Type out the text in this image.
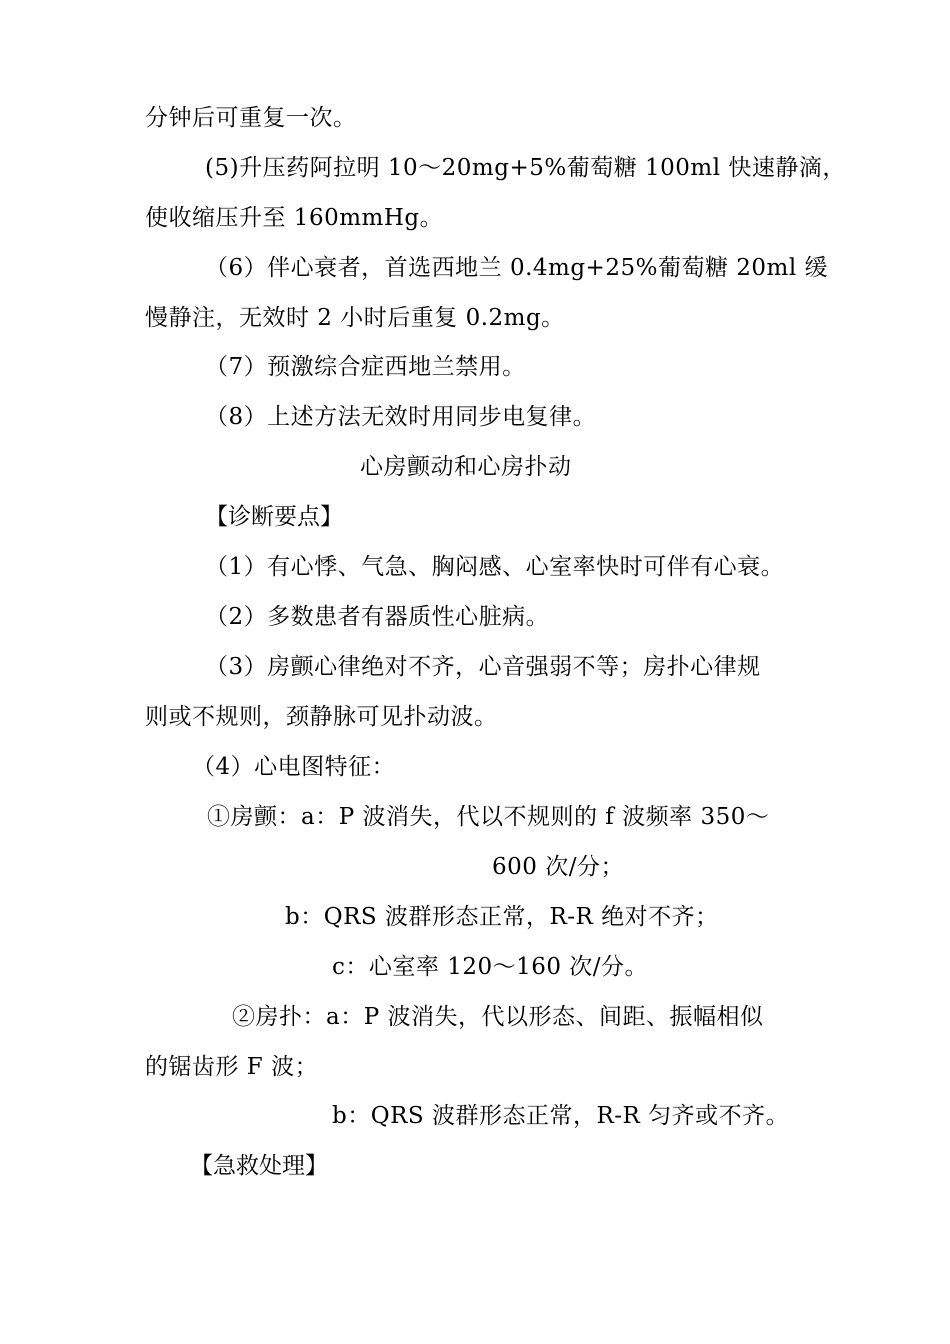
分钟后可重复一次。
(5)升压药阿拉明 10～20mg+5%葡萄糖 100ml 快速静滴，
使收缩压升至 160mmHg。
（6）伴心衰者，首选西地兰 0.4mg+25%葡萄糖 20ml 缓
慢静注，无效时 2 小时后重复 0.2mg。
（7）预激综合症西地兰禁用。
（8）上述方法无效时用同步电复律。
心房颤动和心房扑动
【诊断要点】
（1）有心悸、气急、胸闷感、心室率快时可伴有心衰。
（2）多数患者有器质性心脏病。
（3）房颤心律绝对不齐，心音强弱不等；房扑心律规
则或不规则，颈静脉可见扑动波。
（4）心电图特征：
①房颤：a：P 波消失，代以不规则的 f 波频率 350～
600 次/分；
b：QRS 波群形态正常，R-R 绝对不齐；
c：心室率 120～160 次/分。
②房扑：a：P 波消失，代以形态、间距、振幅相似
的锯齿形 F 波；
b：QRS 波群形态正常，R-R 匀齐或不齐。
【急救处理】
